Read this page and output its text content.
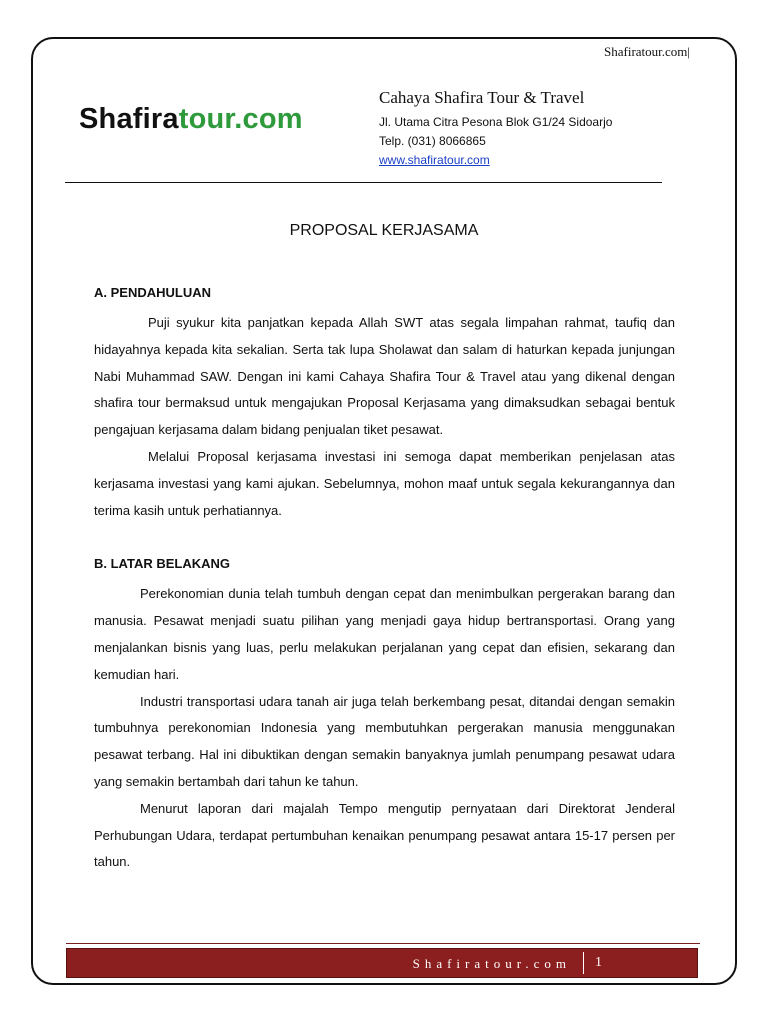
Shafiratour.com|
Shafiratour.com
Cahaya Shafira Tour & Travel
Jl. Utama Citra Pesona Blok G1/24 Sidoarjo
Telp. (031) 8066865
www.shafiratour.com
PROPOSAL KERJASAMA
A. PENDAHULUAN

Puji syukur kita panjatkan kepada Allah SWT atas segala limpahan rahmat, taufiq dan hidayahnya kepada kita sekalian. Serta tak lupa Sholawat dan salam di haturkan kepada junjungan Nabi Muhammad SAW. Dengan ini kami Cahaya Shafira Tour & Travel atau yang dikenal dengan shafira tour bermaksud untuk mengajukan Proposal Kerjasama yang dimaksudkan sebagai bentuk pengajuan kerjasama dalam bidang penjualan tiket pesawat.

Melalui Proposal kerjasama investasi ini semoga dapat memberikan penjelasan atas kerjasama investasi yang kami ajukan. Sebelumnya, mohon maaf untuk segala kekurangannya dan terima kasih untuk perhatiannya.

B. LATAR BELAKANG

Perekonomian dunia telah tumbuh dengan cepat dan menimbulkan pergerakan barang dan manusia. Pesawat menjadi suatu pilihan yang menjadi gaya hidup bertransportasi. Orang yang menjalankan bisnis yang luas, perlu melakukan perjalanan yang cepat dan efisien, sekarang dan kemudian hari.

Industri transportasi udara tanah air juga telah berkembang pesat, ditandai dengan semakin tumbuhnya perekonomian Indonesia yang membutuhkan pergerakan manusia menggunakan pesawat terbang. Hal ini dibuktikan dengan semakin banyaknya jumlah penumpang pesawat udara yang semakin bertambah dari tahun ke tahun.

Menurut laporan dari majalah Tempo mengutip pernyataan dari Direktorat Jenderal Perhubungan Udara, terdapat pertumbuhan kenaikan penumpang pesawat antara 15-17 persen per tahun.

Shafiratour.com 1
